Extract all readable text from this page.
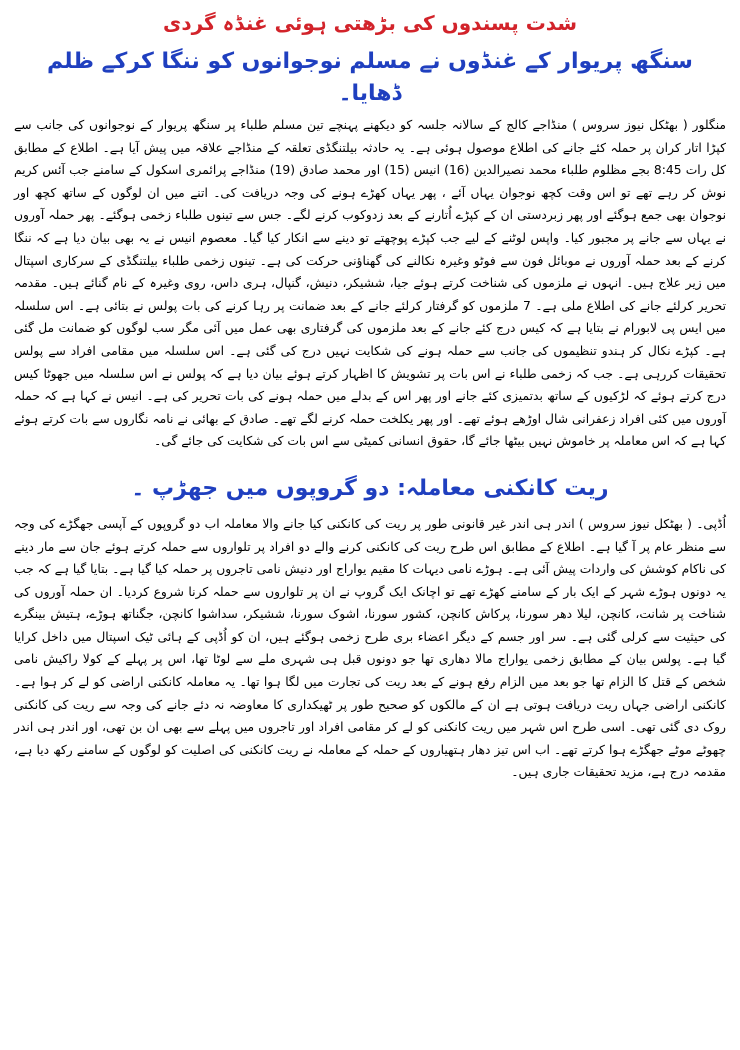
شدت پسندوں کی بڑھتی ہوئی غنڈہ گردی
سنگھ پریوار کے غنڈوں نے مسلم نوجوانوں کو ننگا کرکے ظلم ڈھایا۔

منگلور ( بھٹکل نیوز سروس ) منڈاجے کالج کے سالانہ جلسہ کو دیکھنے پہنچے تین مسلم طلباء پر سنگھ پریوار کے نوجوانوں کی جانب سے کپڑا اتار کران پر حملہ کئے جانے کی اطلاع موصول ہوئی ہے۔ یہ حادثہ بیلتنگڈی تعلقہ کے منڈاجے علاقہ میں پیش آیا ہے۔ اطلاع کے مطابق کل رات 8:45 بجے مظلوم طلباء محمد نصیرالدین (16) انیس (15) اور محمد صادق (19) منڈاجے پرائمری اسکول کے سامنے جب آئس کریم نوش کر رہے تھے تو اس وقت کچھ نوجوان یہاں آئے ، پھر یہاں کھڑے ہونے کی وجہ دریافت کی۔ اتنے میں ان لوگوں کے ساتھ کچھ اور نوجوان بھی جمع ہوگئے اور پھر زبردستی ان کے کپڑے اُتارنے کے بعد زدوکوب کرنے لگے۔ جس سے تینوں طلباء زخمی ہوگئے۔ پھر حملہ آوروں نے یہاں سے جانے پر مجبور کیا۔ واپس لوٹنے کے لیے جب کپڑے پوچھتے تو دینے سے انکار کیا گیا۔ معصوم انیس نے یہ بھی بیان دیا ہے کہ ننگا کرنے کے بعد حملہ آوروں نے موبائل فون سے فوٹو وغیرہ نکالنے کی گھناؤنی حرکت کی ہے۔ تینوں زخمی طلباء بیلتنگڈی کے سرکاری اسپتال میں زیر علاج ہیں۔ انہوں نے ملزموں کی شناخت کرتے ہوئے جیا، ششیکر، دنیش، گنپال، ہری داس، روی وغیرہ کے نام گنائے ہیں۔ مقدمہ تحریر کرلئے جانے کی اطلاع ملی ہے۔ 7 ملزموں کو گرفتار کرلئے جانے کے بعد ضمانت پر رہا کرنے کی بات پولس نے بتائی ہے۔ اس سلسلہ میں ایس پی لابورام نے بتایا ہے کہ کیس درج کئے جانے کے بعد ملزموں کی گرفتاری بھی عمل میں آئی مگر سب لوگوں کو ضمانت مل گئی ہے۔ کپڑے نکال کر ہندو تنظیموں کی جانب سے حملہ ہونے کی شکایت نہیں درج کی گئی ہے۔ اس سلسلہ میں مقامی افراد سے پولس تحقیقات کررہی ہے۔ جب کہ زخمی طلباء نے اس بات پر تشویش کا اظہار کرتے ہوئے بیان دیا ہے کہ پولس نے اس سلسلہ میں جھوٹا کیس درج کرتے ہوئے کہ لڑکیوں کے ساتھ بدتمیزی کئے جانے اور پھر اس کے بدلے میں حملہ ہونے کی بات تحریر کی ہے۔ انیس نے کہا ہے کہ حملہ آوروں میں کئی افراد زعفرانی شال اوڑھے ہوئے تھے۔ اور پھر یکلخت حملہ کرنے لگے تھے۔ صادق کے بھائی نے نامہ نگاروں سے بات کرتے ہوئے کہا ہے کہ اس معاملہ پر خاموش نہیں بیٹھا جائے گا، حقوق انسانی کمیٹی سے اس بات کی شکایت کی جائے گی۔

ریت کانکنی معاملہ: دو گروپوں میں جھڑپ ۔

اُڈپی۔ ( بھٹکل نیوز سروس ) اندر ہی اندر غیر قانونی طور پر ریت کی کانکنی کیا جانے والا معاملہ اب دو گروپوں کے آپسی جھگڑے کی وجہ سے منظر عام پر آ گیا ہے۔ اطلاع کے مطابق اس طرح ریت کی کانکنی کرنے والے دو افراد پر تلواروں سے حملہ کرتے ہوئے جان سے مار دینے کی ناکام کوشش کی واردات پیش آئی ہے۔ ہوڑے نامی دیہات کا مقیم یواراج اور دنیش نامی تاجروں پر حملہ کیا گیا ہے۔ بتایا گیا ہے کہ جب یہ دونوں ہوڑے شہر کے ایک بار کے سامنے کھڑے تھے تو اچانک ایک گروپ نے ان پر تلواروں سے حملہ کرنا شروع کردیا۔ ان حملہ آوروں کی شناخت پر شانت، کانچن، لیلا دھر سورنا، پرکاش کانچن، کشور سورنا، اشوک سورنا، ششیکر، سداشوا کانچن، جگناتھ ہوڑے، ہتیش بینگرے کی حیثیت سے کرلی گئی ہے۔ سر اور جسم کے دیگر اعضاء بری طرح زخمی ہوگئے ہیں، ان کو اُڈپی کے ہائی ٹیک اسپتال میں داخل کرایا گیا ہے۔ پولس بیان کے مطابق زخمی یواراج مالا دھاری تھا جو دونوں قبل ہی شہری ملے سے لوٹا تھا، اس پر پہلے کے کولا راکیش نامی شخص کے قتل کا الزام تھا جو بعد میں الزام رفع ہونے کے بعد ریت کی تجارت میں لگا ہوا تھا۔ یہ معاملہ کانکنی اراضی کو لے کر ہوا ہے۔ کانکنی اراضی جہاں ریت دریافت ہوتی ہے ان کے مالکوں کو صحیح طور پر ٹھیکداری کا معاوضہ نہ دئے جانے کی وجہ سے ریت کی کانکنی روک دی گئی تھی۔ اسی طرح اس شہر میں ریت کانکنی کو لے کر مقامی افراد اور تاجروں میں پہلے سے بھی ان بن تھی، اور اندر ہی اندر چھوٹے موٹے جھگڑے ہوا کرتے تھے۔ اب اس تیز دھار ہتھیاروں کے حملہ کے معاملہ نے ریت کانکنی کی اصلیت کو لوگوں کے سامنے رکھ دیا ہے، مقدمہ درج ہے، مزید تحقیقات جاری ہیں۔
